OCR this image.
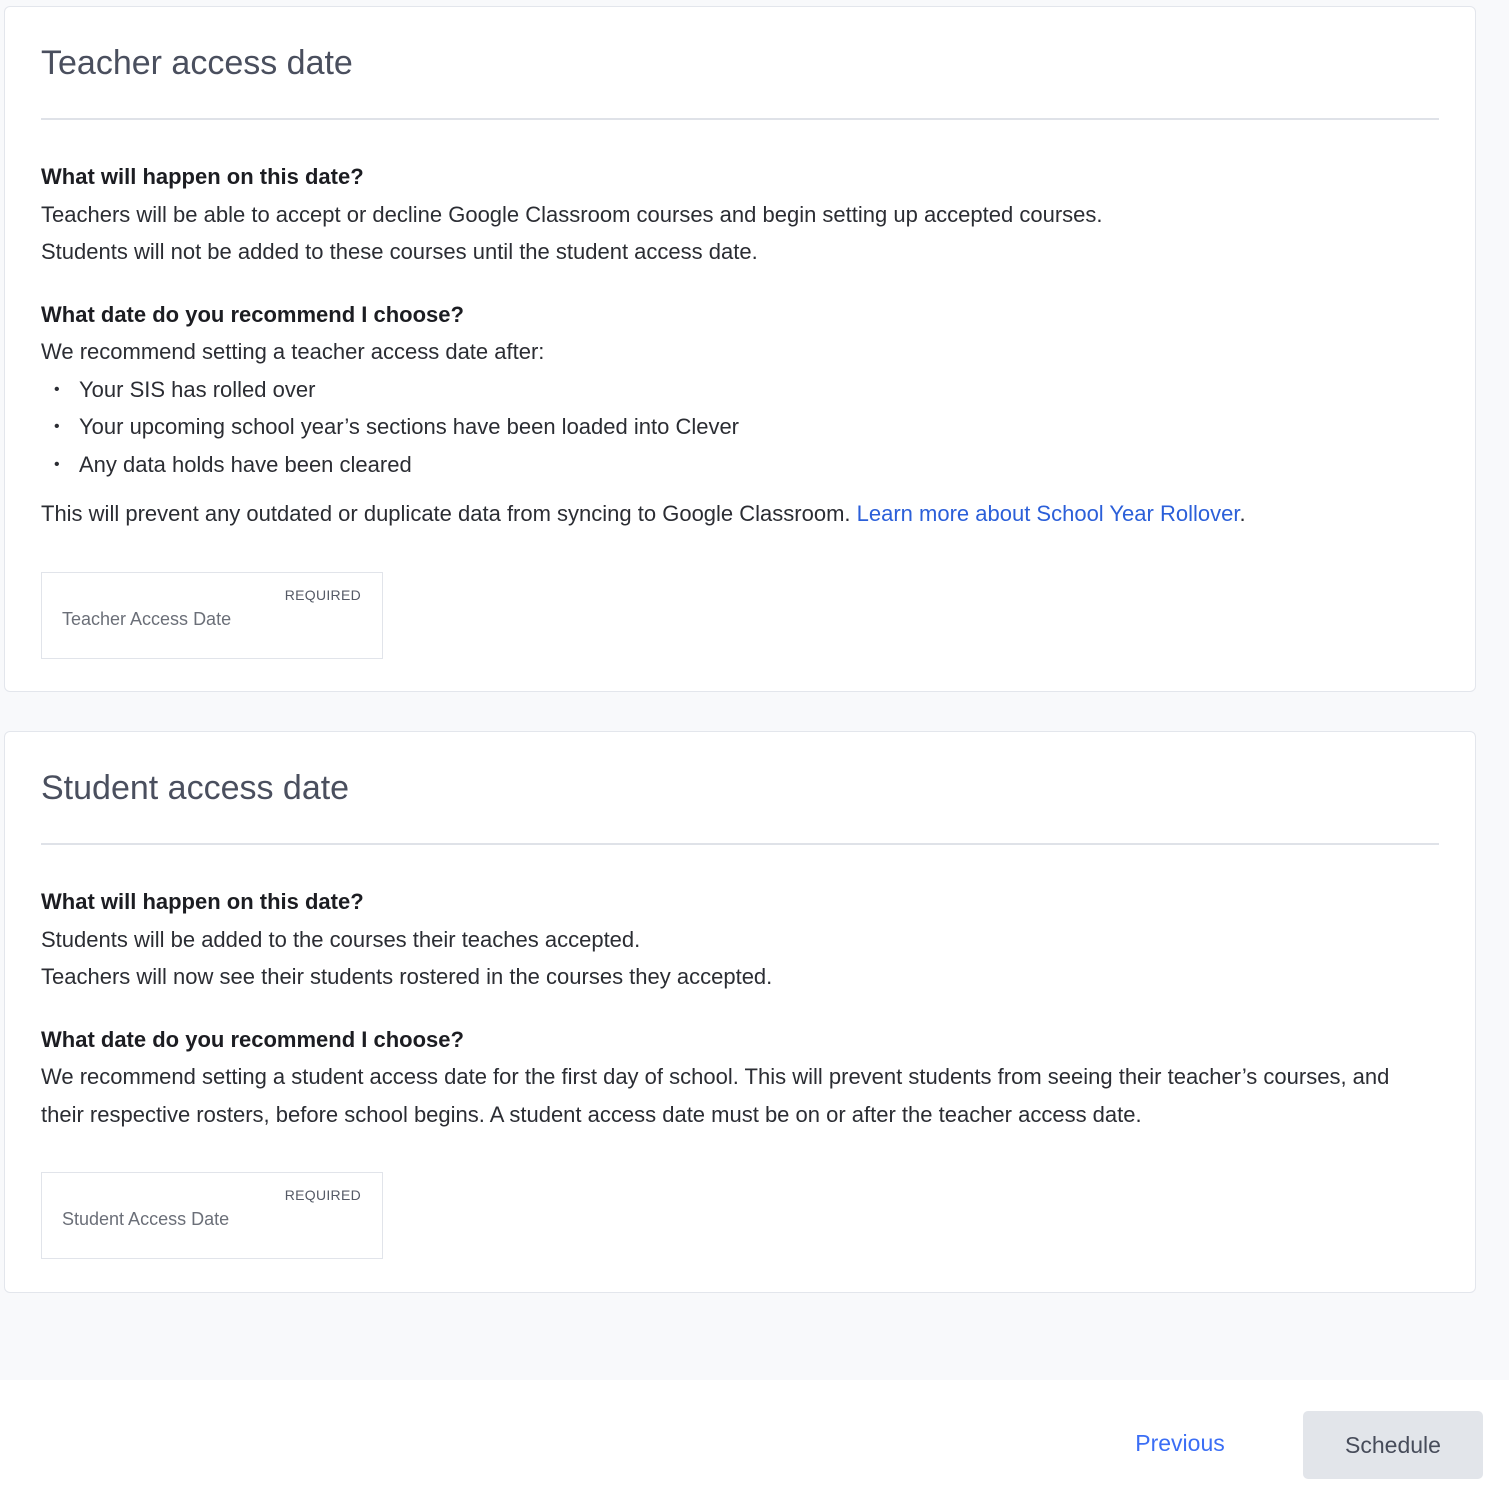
Teacher access date
What will happen on this date?
Teachers will be able to accept or decline Google Classroom courses and begin setting up accepted courses.
Students will not be added to these courses until the student access date.
What date do you recommend I choose?
We recommend setting a teacher access date after:
• Your SIS has rolled over
• Your upcoming school year’s sections have been loaded into Clever
• Any data holds have been cleared
This will prevent any outdated or duplicate data from syncing to Google Classroom. Learn more about School Year Rollover.
REQUIRED
Teacher Access Date
Student access date
What will happen on this date?
Students will be added to the courses their teaches accepted.
Teachers will now see their students rostered in the courses they accepted.
What date do you recommend I choose?
We recommend setting a student access date for the first day of school. This will prevent students from seeing their teacher’s courses, and their respective rosters, before school begins. A student access date must be on or after the teacher access date.
REQUIRED
Student Access Date
Previous	Schedule
